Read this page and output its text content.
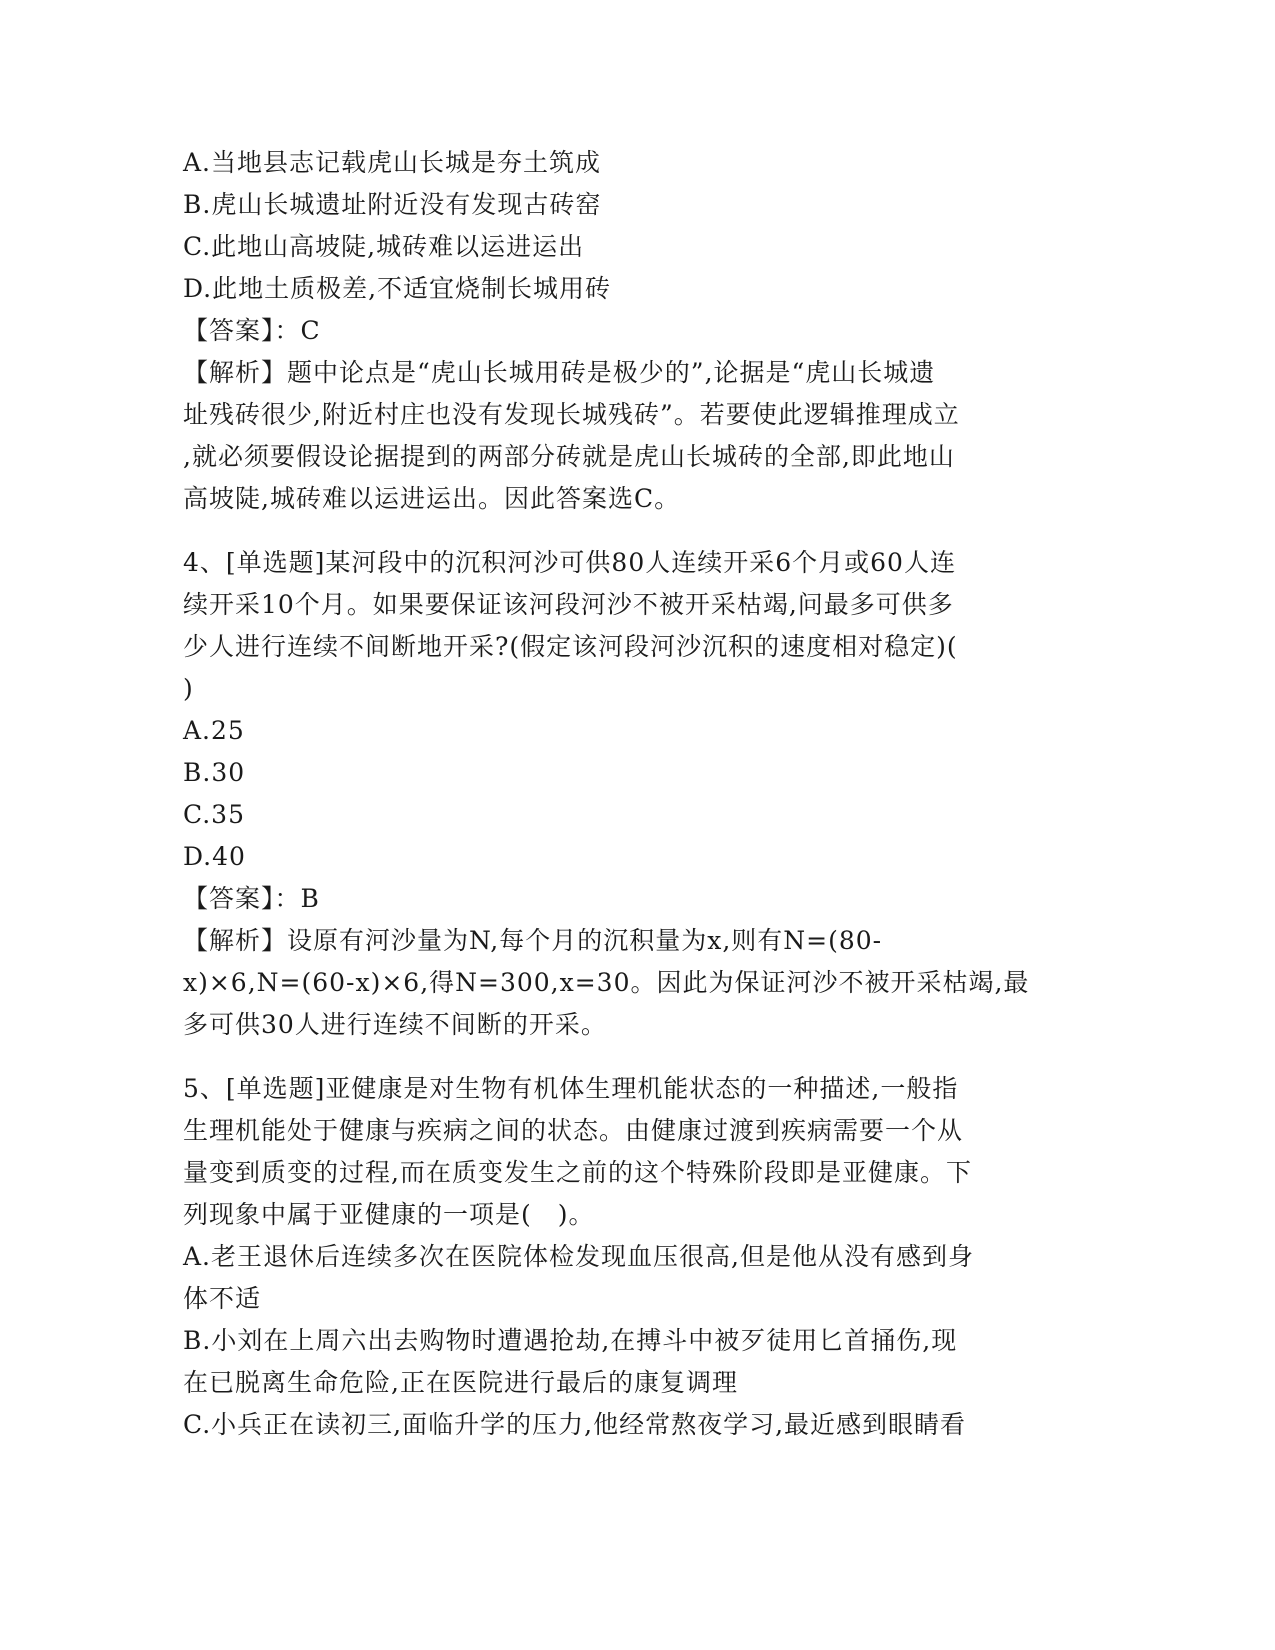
A.当地县志记载虎山长城是夯土筑成
B.虎山长城遗址附近没有发现古砖窑
C.此地山高坡陡,城砖难以运进运出
D.此地土质极差,不适宜烧制长城用砖
【答案】：C
【解析】题中论点是“虎山长城用砖是极少的”,论据是“虎山长城遗
址残砖很少,附近村庄也没有发现长城残砖”。若要使此逻辑推理成立
,就必须要假设论据提到的两部分砖就是虎山长城砖的全部,即此地山
高坡陡,城砖难以运进运出。因此答案选C。
4、[单选题]某河段中的沉积河沙可供80人连续开采6个月或60人连
续开采10个月。如果要保证该河段河沙不被开采枯竭,问最多可供多
少人进行连续不间断地开采?(假定该河段河沙沉积的速度相对稳定)(
)
A.25
B.30
C.35
D.40
【答案】：B
【解析】设原有河沙量为N,每个月的沉积量为x,则有N=(80-
x)×6,N=(60-x)×6,得N=300,x=30。因此为保证河沙不被开采枯竭,最
多可供30人进行连续不间断的开采。
5、[单选题]亚健康是对生物有机体生理机能状态的一种描述,一般指
生理机能处于健康与疾病之间的状态。由健康过渡到疾病需要一个从
量变到质变的过程,而在质变发生之前的这个特殊阶段即是亚健康。下
列现象中属于亚健康的一项是(　)。
A.老王退休后连续多次在医院体检发现血压很高,但是他从没有感到身
体不适
B.小刘在上周六出去购物时遭遇抢劫,在搏斗中被歹徒用匕首捅伤,现
在已脱离生命危险,正在医院进行最后的康复调理
C.小兵正在读初三,面临升学的压力,他经常熬夜学习,最近感到眼睛看
